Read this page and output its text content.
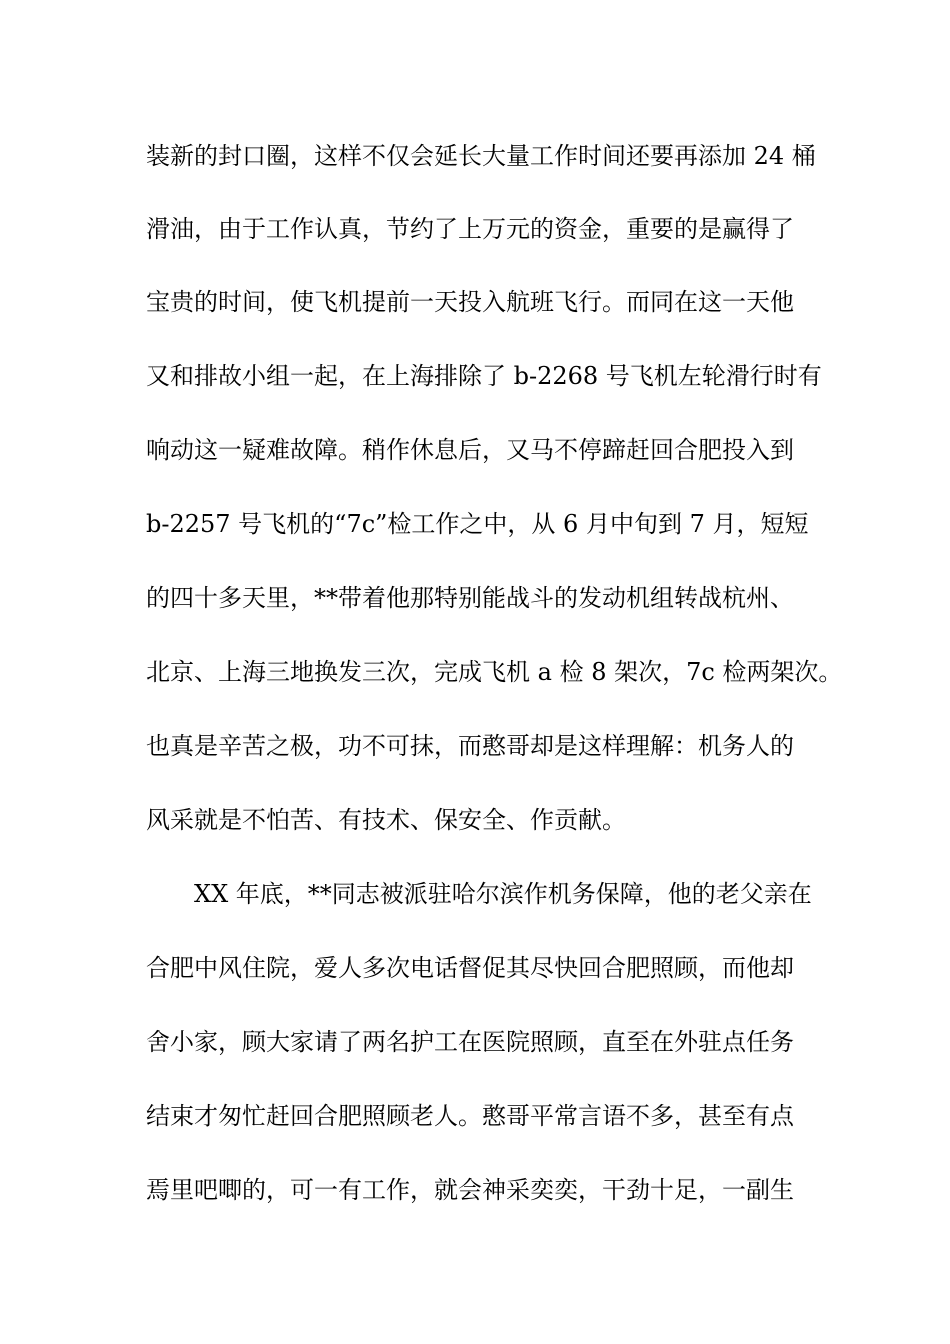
装新的封口圈，这样不仅会延长大量工作时间还要再添加 24 桶
滑油，由于工作认真，节约了上万元的资金，重要的是赢得了
宝贵的时间，使飞机提前一天投入航班飞行。而同在这一天他
又和排故小组一起，在上海排除了 b-2268 号飞机左轮滑行时有
响动这一疑难故障。稍作休息后，又马不停蹄赶回合肥投入到
b-2257 号飞机的“7c”检工作之中，从 6 月中旬到 7 月，短短
的四十多天里，**带着他那特别能战斗的发动机组转战杭州、
北京、上海三地换发三次，完成飞机 a 检 8 架次，7c 检两架次。
也真是辛苦之极，功不可抹，而憨哥却是这样理解：机务人的
风采就是不怕苦、有技术、保安全、作贡献。
XX 年底，**同志被派驻哈尔滨作机务保障，他的老父亲在
合肥中风住院，爱人多次电话督促其尽快回合肥照顾，而他却
舍小家，顾大家请了两名护工在医院照顾，直至在外驻点任务
结束才匆忙赶回合肥照顾老人。憨哥平常言语不多，甚至有点
焉里吧唧的，可一有工作，就会神采奕奕，干劲十足，一副生
